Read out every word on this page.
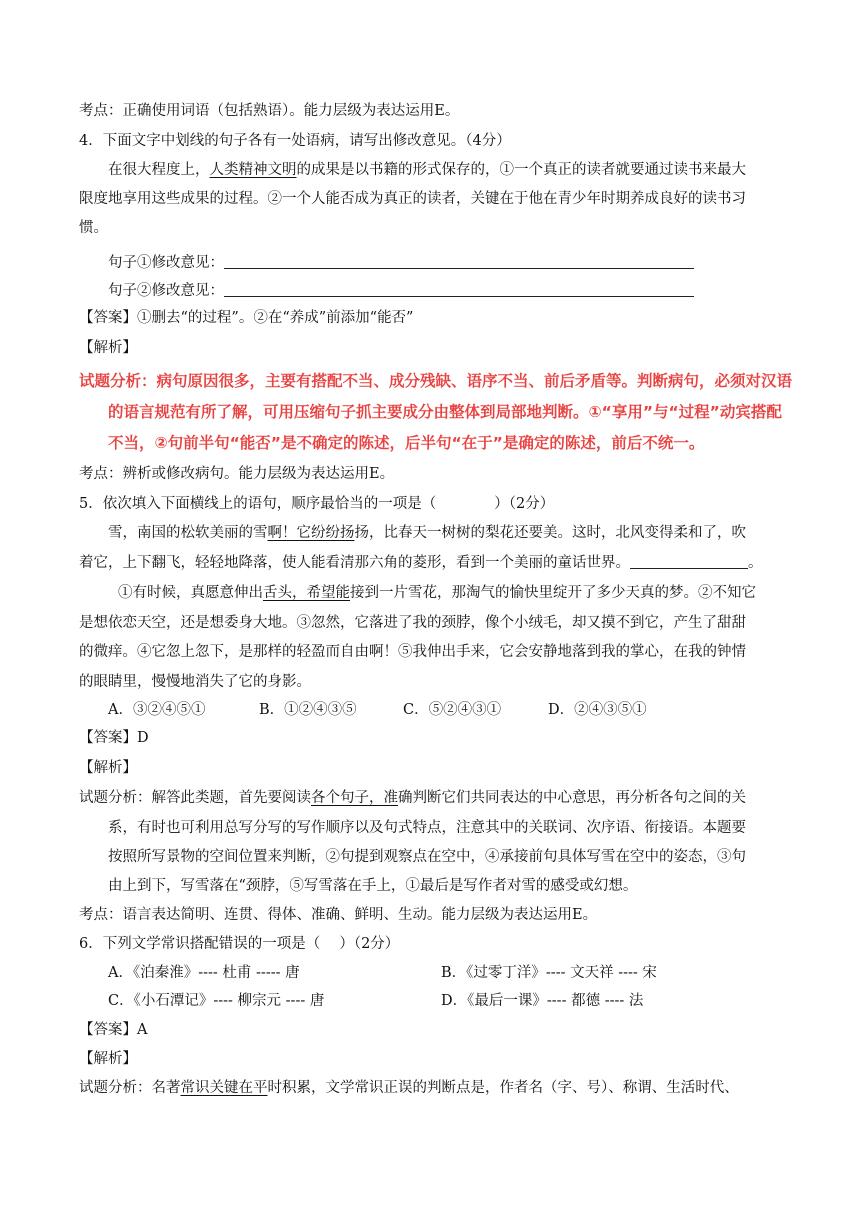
考点：正确使用词语（包括熟语）。能力层级为表达运用E。
4．下面文字中划线的句子各有一处语病，请写出修改意见。（4分）
在很大程度上，人类精神文明的成果是以书籍的形式保存的，①一个真正的读者就要通过读书来最大
限度地享用这些成果的过程。②一个人能否成为真正的读者，关键在于他在青少年时期养成良好的读书习
惯。
句子①修改意见：
句子②修改意见：
【答案】①删去“的过程”。②在“养成”前添加“能否”
【解析】
试题分析：病句原因很多，主要有搭配不当、成分残缺、语序不当、前后矛盾等。判断病句，必须对汉语
的语言规范有所了解，可用压缩句子抓主要成分由整体到局部地判断。①“享用”与“过程”动宾搭配
不当，②句前半句“能否”是不确定的陈述，后半句“在于”是确定的陈述，前后不统一。
考点：辨析或修改病句。能力层级为表达运用E。
5．依次填入下面横线上的语句，顺序最恰当的一项是（　　　　）（2分）
雪，南国的松软美丽的雪啊！它纷纷扬扬，比春天一树树的梨花还要美。这时，北风变得柔和了，吹
着它，上下翻飞，轻轻地降落，使人能看清那六角的菱形，看到一个美丽的童话世界。	。
①有时候，真愿意伸出舌头，希望能接到一片雪花，那淘气的愉快里绽开了多少天真的梦。②不知它
是想依恋天空，还是想委身大地。③忽然，它落进了我的颈脖，像个小绒毛，却又摸不到它，产生了甜甜
的微痒。④它忽上忽下，是那样的轻盈而自由啊！⑤我伸出手来，它会安静地落到我的掌心，在我的钟情
的眼睛里，慢慢地消失了它的身影。
A．③②④⑤①	B．①②④③⑤	C．⑤②④③①	D．②④③⑤①
【答案】D
【解析】
试题分析：解答此类题，首先要阅读各个句子，准确判断它们共同表达的中心意思，再分析各句之间的关
系，有时也可利用总写分写的写作顺序以及句式特点，注意其中的关联词、次序语、衔接语。本题要
按照所写景物的空间位置来判断，②句提到观察点在空中，④承接前句具体写雪在空中的姿态，③句
由上到下，写雪落在“颈脖，⑤写雪落在手上，①最后是写作者对雪的感受或幻想。
考点：语言表达简明、连贯、得体、准确、鲜明、生动。能力层级为表达运用E。
6．下列文学常识搭配错误的一项是（　 ）（2分）
A．《泊秦淮》---- 杜甫 ----- 唐	B．《过零丁洋》---- 文天祥 ---- 宋
C．《小石潭记》---- 柳宗元 ---- 唐	D．《最后一课》---- 都德 ---- 法
【答案】A
【解析】
试题分析：名著常识关键在平时积累，文学常识正误的判断点是，作者名（字、号）、称谓、生活时代、
